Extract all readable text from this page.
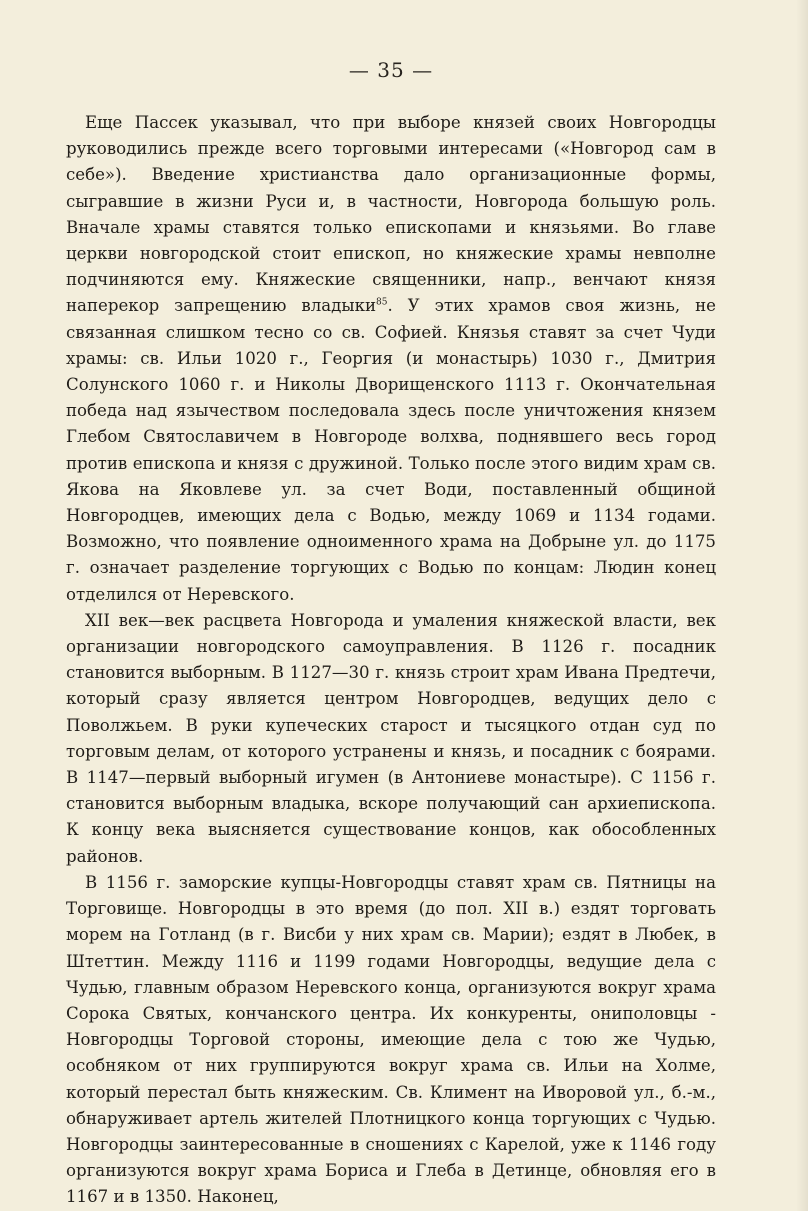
— 35 —

Еще Пассек указывал, что при выборе князей своих Новгородцы руководились прежде всего торговыми интересами («Новгород сам в себе»). Введение христианства дало организационные формы, сыгравшие в жизни Руси и, в частности, Новгорода большую роль. Вначале храмы ставятся только епископами и князьями. Во главе церкви новгородской стоит епископ, но княжеские храмы невполне подчиняются ему. Княжеские священники, напр., венчают князя наперекор запрещению владыки$^{85}$. У этих храмов своя жизнь, не связанная слишком тесно со св. Софией. Князья ставят за счет Чуди храмы: св. Ильи 1020 г., Георгия (и монастырь) 1030 г., Дмитрия Солунского 1060 г. и Николы Дворищенского 1113 г. Окончательная победа над язычеством последовала здесь после уничтожения князем Глебом Святославичем в Новгороде волхва, поднявшего весь город против епископа и князя с дружиной. Только после этого видим храм св. Якова на Яковлеве ул. за счет Води, поставленный общиной Новгородцев, имеющих дела с Водью, между 1069 и 1134 годами. Возможно, что появление одноименного храма на Добрыне ул. до 1175 г. означает разделение торгующих с Водью по концам: Людин конец отделился от Неревского.

XII век—век расцвета Новгорода и умаления княжеской власти, век организации новгородского самоуправления. В 1126 г. посадник становится выборным. В 1127—30 г. князь строит храм Ивана Предтечи, который сразу является центром Новгородцев, ведущих дело с Поволжьем. В руки купеческих старост и тысяцкого отдан суд по торговым делам, от которого устранены и князь, и посадник с боярами. В 1147—первый выборный игумен (в Антониеве монастыре). С 1156 г. становится выборным владыка, вскоре получающий сан архиепископа. К концу века выясняется существование концов, как обособленных районов.

В 1156 г. заморские купцы-Новгородцы ставят храм св. Пятницы на Торговище. Новгородцы в это время (до пол. XII в.) ездят торговать морем на Готланд (в г. Висби у них храм св. Марии); ездят в Любек, в Штеттин. Между 1116 и 1199 годами Новгородцы, ведущие дела с Чудью, главным образом Неревского конца, организуются вокруг храма Сорока Святых, кончанского центра. Их конкуренты, ониполовцы - Новгородцы Торговой стороны, имеющие дела с тою же Чудью, особняком от них группируются вокруг храма св. Ильи на Холме, который перестал быть княжеским. Св. Климент на Иворовой ул., б.-м., обнаруживает артель жителей Плотницкого конца торгующих с Чудью. Новгородцы заинтересованные в сношениях с Карелой, уже к 1146 году организуются вокруг храма Бориса и Глеба в Детинце, обновляя его в 1167 и в 1350. Наконец,
